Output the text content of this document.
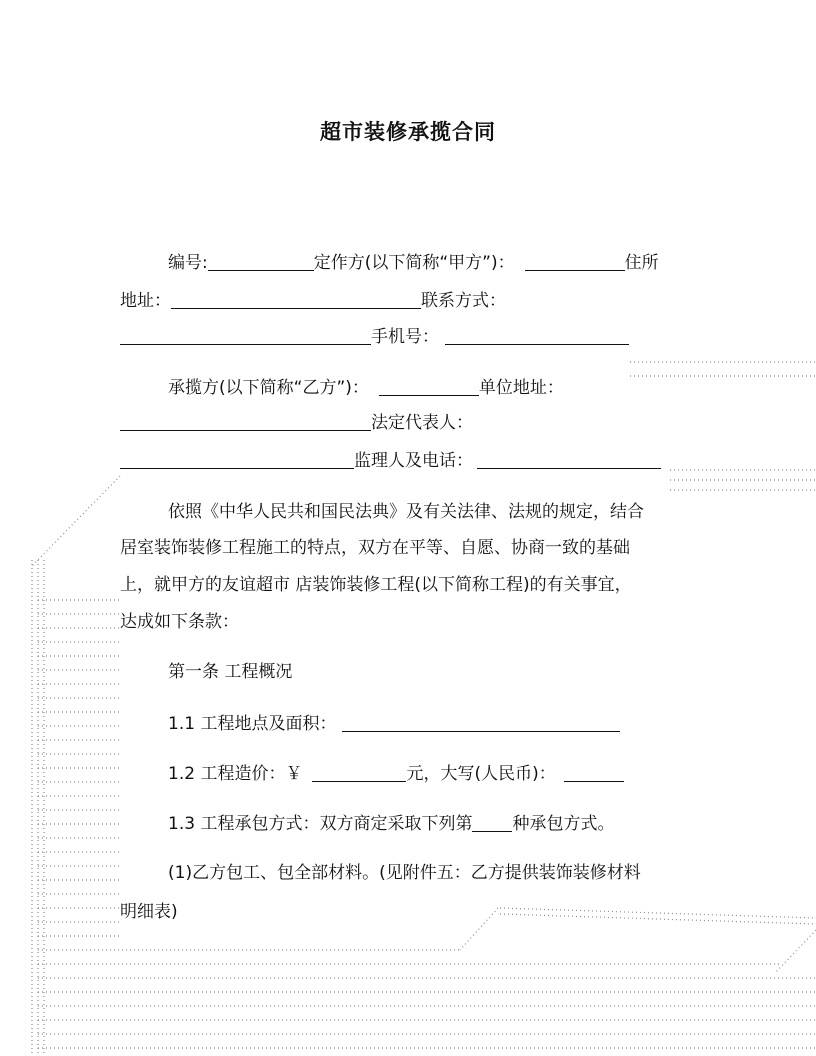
超市装修承揽合同
编号:	定作方(以下简称“甲方”)：	住所
地址：	联系方式：
手机号：
承揽方(以下简称“乙方”)：	单位地址：
法定代表人：
监理人及电话：
依照《中华人民共和国民法典》及有关法律、法规的规定，结合
居室装饰装修工程施工的特点，双方在平等、自愿、协商一致的基础
上，就甲方的友谊超市 店装饰装修工程(以下简称工程)的有关事宜，
达成如下条款：
第一条 工程概况
1.1 工程地点及面积：
1.2 工程造价：￥	元，大写(人民币)：
1.3 工程承包方式：双方商定采取下列第 种承包方式。
(1)乙方包工、包全部材料。(见附件五：乙方提供装饰装修材料
明细表)
